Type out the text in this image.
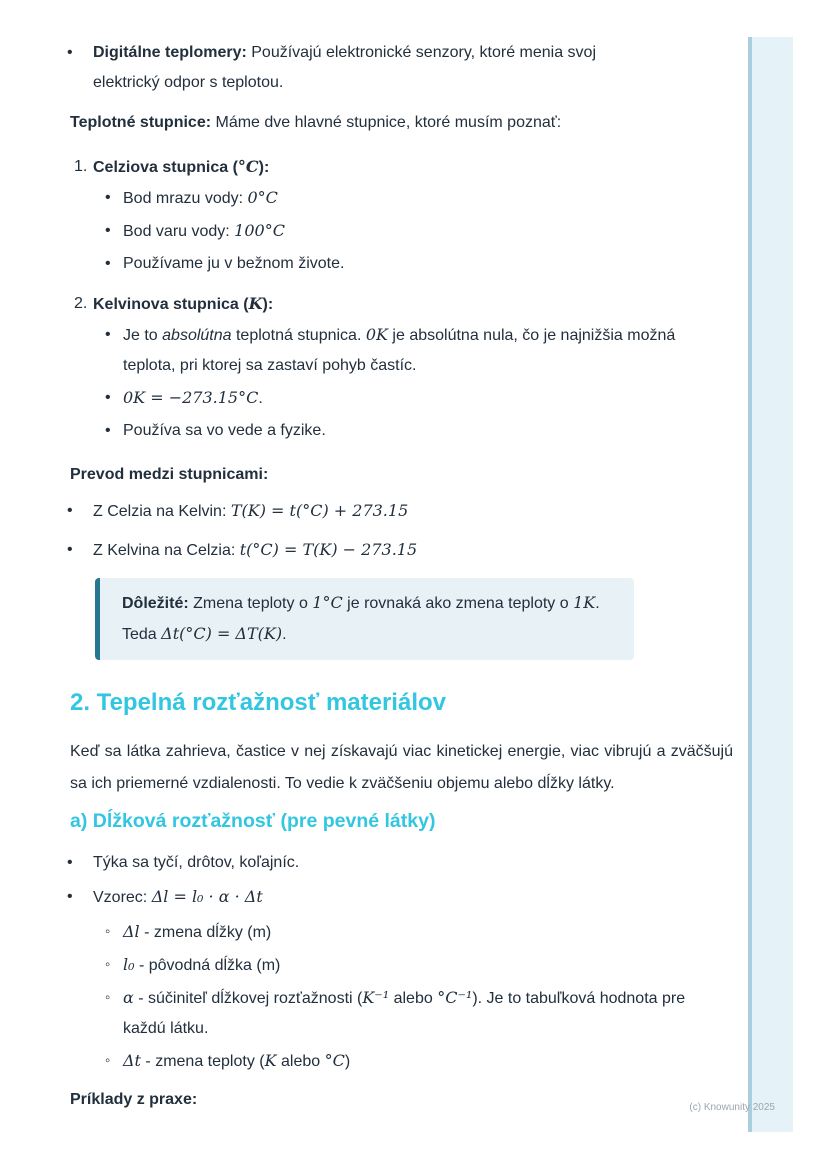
• Digitálne teplomery: Používajú elektronické senzory, ktoré menia svoj elektrický odpor s teplotou.

Teplotné stupnice: Máme dve hlavné stupnice, ktoré musím poznať:

1. Celziova stupnica (°C):
• Bod mrazu vody: 0°C
• Bod varu vody: 100°C
• Používame ju v bežnom živote.
2. Kelvinova stupnica (K):
• Je to absolútna teplotná stupnica. 0K je absolútna nula, čo je najnižšia možná teplota, pri ktorej sa zastaví pohyb častíc.
• 0K = −273.15°C.
• Používa sa vo vede a fyzike.

Prevod medzi stupnicami:

• Z Celzia na Kelvin: T(K) = t(°C) + 273.15
• Z Kelvina na Celzia: t(°C) = T(K) − 273.15

Dôležité: Zmena teploty o 1°C je rovnaká ako zmena teploty o 1K. Teda Δt(°C) = ΔT(K).

2. Tepelná rozťažnosť materiálov

Keď sa látka zahrieva, častice v nej získavajú viac kinetickej energie, viac vibrujú a zväčšujú sa ich priemerné vzdialenosti. To vedie k zväčšeniu objemu alebo dĺžky látky.

a) Dĺžková rozťažnosť (pre pevné látky)
• Týka sa tyčí, drôtov, koľajníc.
• Vzorec: Δl = l₀ · α · Δt
◦ Δl - zmena dĺžky (m)
◦ l₀ - pôvodná dĺžka (m)
◦ α - súčiniteľ dĺžkovej rozťažnosti (K⁻¹ alebo °C⁻¹). Je to tabuľková hodnota pre každú látku.
◦ Δt - zmena teploty (K alebo °C)

Príklady z praxe:	(c) Knowunity 2025
